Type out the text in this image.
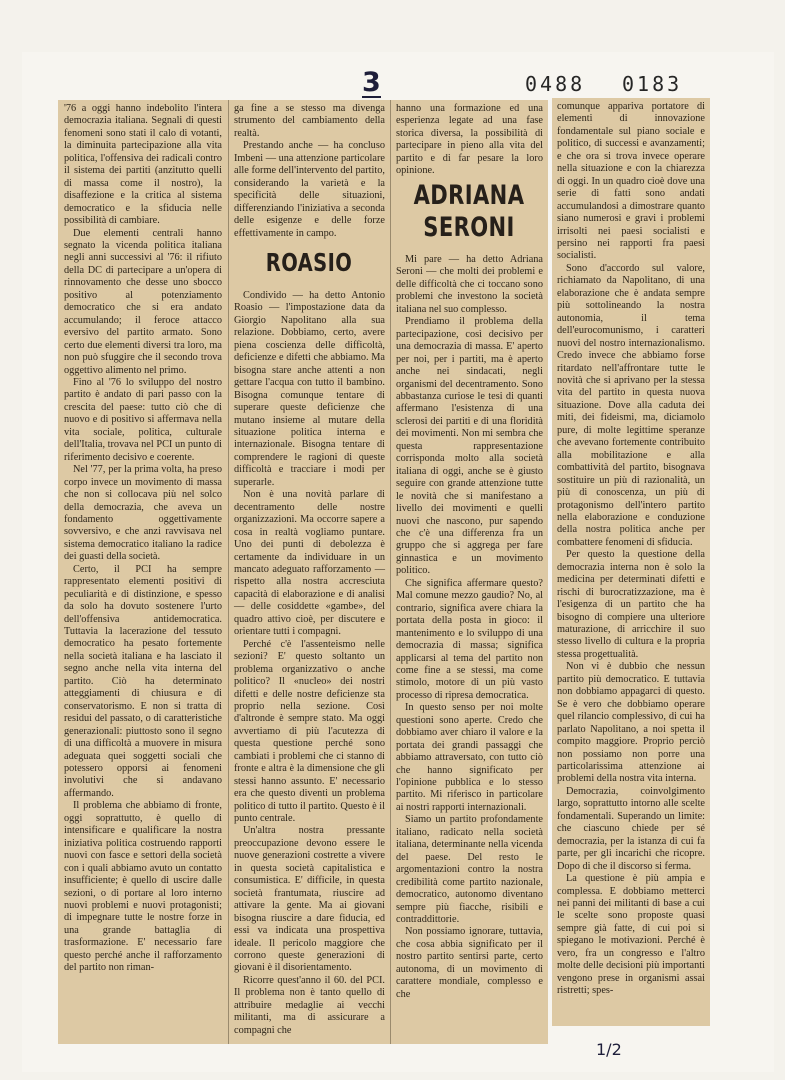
3	0488 0183

'76 a oggi hanno indebolito l'intera democrazia italiana. Segnali di questi fenomeni sono stati il calo di votanti, la diminuita partecipazione alla vita politica, l'offensiva dei radicali contro il sistema dei partiti (anzitutto quelli di massa come il nostro), la disaffezione e la critica al sistema democratico e la sfiducia nelle possibilità di cambiare.

Due elementi centrali hanno segnato la vicenda politica italiana negli anni successivi al '76: il rifiuto della DC di partecipare a un'opera di rinnovamento che desse uno sbocco positivo al potenziamento democratico che si era andato accumulando; il feroce attacco eversivo del partito armato. Sono certo due elementi diversi tra loro, ma non può sfuggire che il secondo trova oggettivo alimento nel primo.

Fino al '76 lo sviluppo del nostro partito è andato di pari passo con la crescita del paese: tutto ciò che di nuovo e di positivo si affermava nella vita sociale, politica, culturale dell'Italia, trovava nel PCI un punto di riferimento decisivo e coerente.

Nel '77, per la prima volta, ha preso corpo invece un movimento di massa che non si collocava più nel solco della democrazia, che aveva un fondamento oggettivamente sovversivo, e che anzi ravvisava nel sistema democratico italiano la radice dei guasti della società.

Certo, il PCI ha sempre rappresentato elementi positivi di peculiarità e di distinzione, e spesso da solo ha dovuto sostenere l'urto dell'offensiva antidemocratica. Tuttavia la lacerazione del tessuto democratico ha pesato fortemente nella società italiana e ha lasciato il segno anche nella vita interna del partito. Ciò ha determinato atteggiamenti di chiusura e di conservatorismo. E non si tratta di residui del passato, o di caratteristiche generazionali: piuttosto sono il segno di una difficoltà a muovere in misura adeguata quei soggetti sociali che potessero opporsi ai fenomeni involutivi che si andavano affermando.

Il problema che abbiamo di fronte, oggi soprattutto, è quello di intensificare e qualificare la nostra iniziativa politica costruendo rapporti nuovi con fasce e settori della società con i quali abbiamo avuto un contatto insufficiente; è quello di uscire dalle sezioni, o di portare al loro interno nuovi problemi e nuovi protagonisti; di impegnare tutte le nostre forze in una grande battaglia di trasformazione. E' necessario fare questo perché anche il rafforzamento del partito non riman-

ga fine a se stesso ma divenga strumento del cambiamento della realtà.

Prestando anche — ha concluso Imbeni — una attenzione particolare alle forme dell'intervento del partito, considerando la varietà e la specificità delle situazioni, differenziando l'iniziativa a seconda delle esigenze e delle forze effettivamente in campo.

ROASIO

Condivido — ha detto Antonio Roasio — l'impostazione data da Giorgio Napolitano alla sua relazione. Dobbiamo, certo, avere piena coscienza delle difficoltà, deficienze e difetti che abbiamo. Ma bisogna stare anche attenti a non gettare l'acqua con tutto il bambino. Bisogna comunque tentare di superare queste deficienze che mutano insieme al mutare della situazione politica interna e internazionale. Bisogna tentare di comprendere le ragioni di queste difficoltà e tracciare i modi per superarle.

Non è una novità parlare di decentramento delle nostre organizzazioni. Ma occorre sapere a cosa in realtà vogliamo puntare. Uno dei punti di debolezza è certamente da individuare in un mancato adeguato rafforzamento — rispetto alla nostra accresciuta capacità di elaborazione e di analisi — delle cosiddette «gambe», del quadro attivo cioè, per discutere e orientare tutti i compagni.

Perché c'è l'assenteismo nelle sezioni? E' questo soltanto un problema organizzativo o anche politico? Il «nucleo» dei nostri difetti e delle nostre deficienze sta proprio nella sezione. Così d'altronde è sempre stato. Ma oggi avvertiamo di più l'acutezza di questa questione perché sono cambiati i problemi che ci stanno di fronte e altra è la dimensione che gli stessi hanno assunto. E' necessario era che questo diventi un problema politico di tutto il partito. Questo è il punto centrale.

Un'altra nostra pressante preoccupazione devono essere le nuove generazioni costrette a vivere in questa società capitalistica e consumistica. E' difficile, in questa società frantumata, riuscire ad attivare la gente. Ma ai giovani bisogna riuscire a dare fiducia, ed essi va indicata una prospettiva ideale. Il pericolo maggiore che corrono queste generazioni di giovani è il disorientamento.

Ricorre quest'anno il 60. del PCI. Il problema non è tanto quello di attribuire medaglie ai vecchi militanti, ma di assicurare a compagni che

hanno una formazione ed una esperienza legate ad una fase storica diversa, la possibilità di partecipare in pieno alla vita del partito e di far pesare la loro opinione.

ADRIANA
SERONI

Mi pare — ha detto Adriana Seroni — che molti dei problemi e delle difficoltà che ci toccano sono problemi che investono la società italiana nel suo complesso.

Prendiamo il problema della partecipazione, così decisivo per una democrazia di massa. E' aperto per noi, per i partiti, ma è aperto anche nei sindacati, negli organismi del decentramento. Sono abbastanza curiose le tesi di quanti affermano l'esistenza di una sclerosi dei partiti e di una floridità dei movimenti. Non mi sembra che questa rappresentazione corrisponda molto alla società italiana di oggi, anche se è giusto seguire con grande attenzione tutte le novità che si manifestano a livello dei movimenti e quelli nuovi che nascono, pur sapendo che c'è una differenza fra un gruppo che si aggrega per fare ginnastica e un movimento politico.

Che significa affermare questo? Mal comune mezzo gaudio? No, al contrario, significa avere chiara la portata della posta in gioco: il mantenimento e lo sviluppo di una democrazia di massa; significa applicarsi al tema del partito non come fine a se stessi, ma come stimolo, motore di un più vasto processo di ripresa democratica.

In questo senso per noi molte questioni sono aperte. Credo che dobbiamo aver chiaro il valore e la portata dei grandi passaggi che abbiamo attraversato, con tutto ciò che hanno significato per l'opinione pubblica e lo stesso partito. Mi riferisco in particolare ai nostri rapporti internazionali.

Siamo un partito profondamente italiano, radicato nella società italiana, determinante nella vicenda del paese. Del resto le argomentazioni contro la nostra credibilità come partito nazionale, democratico, autonomo diventano sempre più fiacche, risibili e contraddittorie.

Non possiamo ignorare, tuttavia, che cosa abbia significato per il nostro partito sentirsi parte, certo autonoma, di un movimento di carattere mondiale, complesso e che

comunque appariva portatore di elementi di innovazione fondamentale sul piano sociale e politico, di successi e avanzamenti; e che ora si trova invece operare nella situazione e con la chiarezza di oggi. In un quadro cioè dove una serie di fatti sono andati accumulandosi a dimostrare quanto siano numerosi e gravi i problemi irrisolti nei paesi socialisti e persino nei rapporti fra paesi socialisti.

Sono d'accordo sul valore, richiamato da Napolitano, di una elaborazione che è andata sempre più sottolineando la nostra autonomia, il tema dell'eurocomunismo, i caratteri nuovi del nostro internazionalismo. Credo invece che abbiamo forse ritardato nell'affrontare tutte le novità che si aprivano per la stessa vita del partito in questa nuova situazione. Dove alla caduta dei miti, dei fideismi, ma, diciamolo pure, di molte legittime speranze che avevano fortemente contribuito alla mobilitazione e alla combattività del partito, bisognava sostituire un più di razionalità, un più di conoscenza, un più di protagonismo dell'intero partito nella elaborazione e conduzione della nostra politica anche per combattere fenomeni di sfiducia.

Per questo la questione della democrazia interna non è solo la medicina per determinati difetti e rischi di burocratizzazione, ma è l'esigenza di un partito che ha bisogno di compiere una ulteriore maturazione, di arricchire il suo stesso livello di cultura e la propria stessa progettualità.

Non vi è dubbio che nessun partito più democratico. E tuttavia non dobbiamo appagarci di questo. Se è vero che dobbiamo operare quel rilancio complessivo, di cui ha parlato Napolitano, a noi spetta il compito maggiore. Proprio perciò non possiamo non porre una particolarissima attenzione ai problemi della nostra vita interna.

Democrazia, coinvolgimento largo, soprattutto intorno alle scelte fondamentali. Superando un limite: che ciascuno chiede per sé democrazia, per la istanza di cui fa parte, per gli incarichi che ricopre. Dopo di che il discorso si ferma.

La questione è più ampia e complessa. E dobbiamo metterci nei panni dei militanti di base a cui le scelte sono proposte quasi sempre già fatte, di cui poi si spiegano le motivazioni. Perché è vero, fra un congresso e l'altro molte delle decisioni più importanti vengono prese in organismi assai ristretti; spes-

1/2
